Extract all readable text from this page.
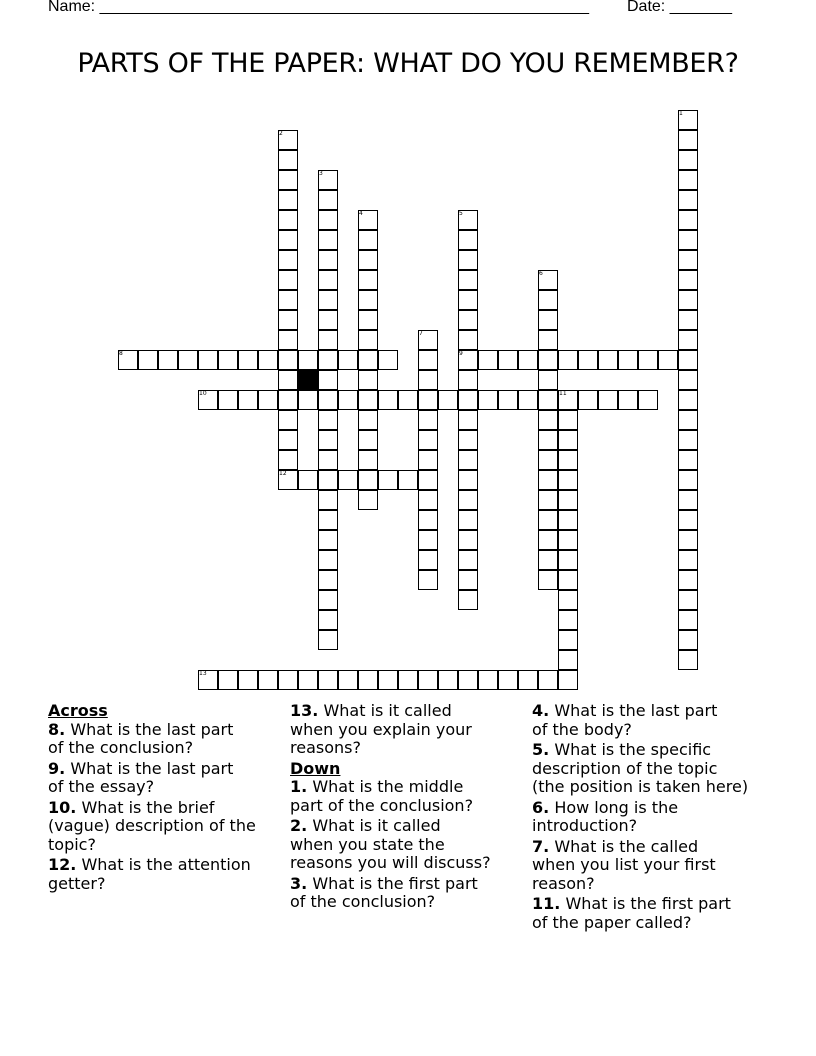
Name: _______________________________________________________ Date: _______
PARTS OF THE PAPER: WHAT DO YOU REMEMBER?
1
2
3
4	5
6
7
8	9
10	11
12
13

Across

8. What is the last part
of the conclusion?
9. What is the last part
of the essay?
10. What is the brief
(vague) description of the
topic?
12. What is the attention
getter?
13. What is it called
when you explain your
reasons?

Down

1. What is the middle
part of the conclusion?
2. What is it called
when you state the
reasons you will discuss?
3. What is the first part
of the conclusion?
4. What is the last part
of the body?
5. What is the specific
description of the topic
(the position is taken here)
6. How long is the
introduction?
7. What is the called
when you list your first
reason?
11. What is the first part
of the paper called?
